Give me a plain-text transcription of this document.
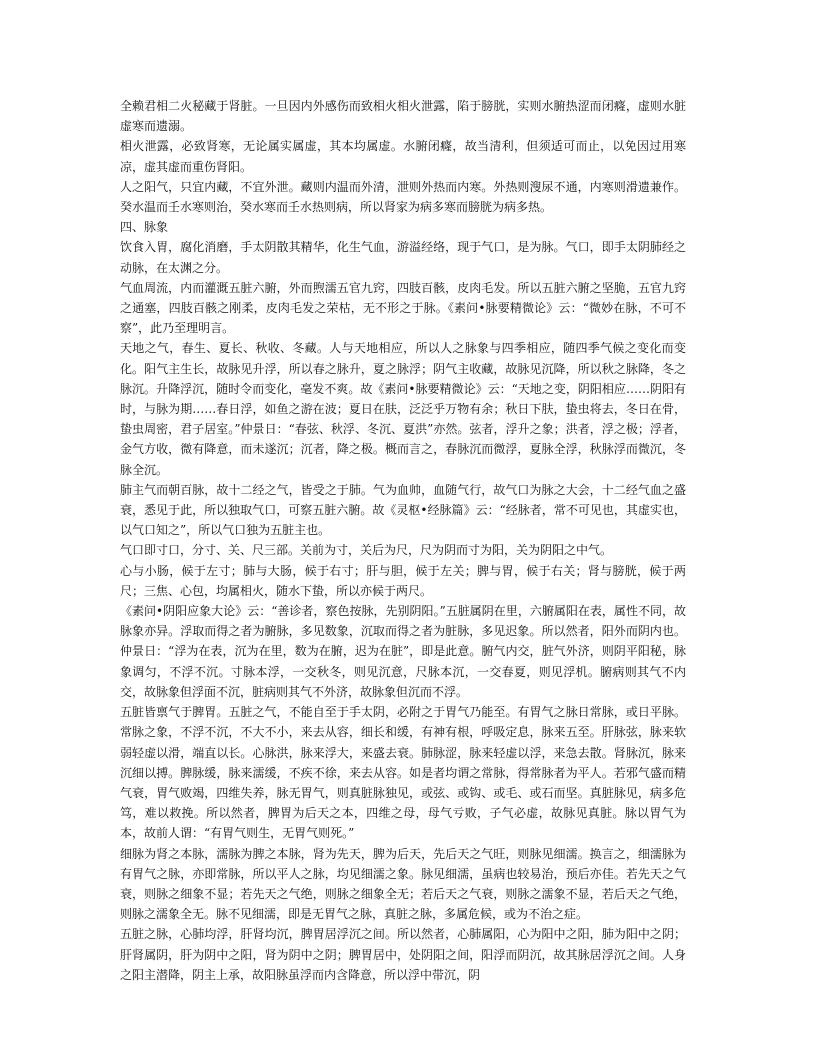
全赖君相二火秘藏于肾脏。一旦因内外感伤而致相火相火泄露，陷于膀胱，实则水腑热涩而闭癃，虚则水脏虚寒而遗溺。

相火泄露，必致肾寒，无论属实属虚，其本均属虚。水腑闭癃，故当清利，但须适可而止，以免因过用寒凉，虚其虚而重伤肾阳。

人之阳气，只宜内藏，不宜外泄。藏则内温而外清，泄则外热而内寒。外热则溲尿不通，内寒则滑遗兼作。癸水温而壬水寒则治，癸水寒而壬水热则病，所以肾家为病多寒而膀胱为病多热。

四、脉象

饮食入胃，腐化消磨，手太阴散其精华，化生气血，游溢经络，现于气口，是为脉。气口，即手太阴肺经之动脉，在太渊之分。

气血周流，内而灌溉五脏六腑，外而煦濡五官九窍，四肢百骸，皮肉毛发。所以五脏六腑之坚脆，五官九窍之通塞，四肢百骸之刚柔，皮肉毛发之荣枯，无不形之于脉。《素问•脉要精微论》云：“微妙在脉，不可不察”，此乃至理明言。

天地之气，春生、夏长、秋收、冬藏。人与天地相应，所以人之脉象与四季相应，随四季气候之变化而变化。阳气主生长，故脉见升浮，所以春之脉升，夏之脉浮；阴气主收藏，故脉见沉降，所以秋之脉降，冬之脉沉。升降浮沉，随时令而变化，毫发不爽。故《素问•脉要精微论》云：“天地之变，阴阳相应……阴阳有时，与脉为期……春日浮，如鱼之游在波；夏日在肤，泛泛乎万物有余；秋日下肤，蛰虫将去，冬日在骨，蛰虫周密，君子居室。”仲景日：“春弦、秋浮、冬沉、夏洪”亦然。弦者，浮升之象；洪者，浮之极；浮者，金气方收，微有降意，而未遂沉；沉者，降之极。概而言之，春脉沉而微浮，夏脉全浮，秋脉浮而微沉，冬脉全沉。

肺主气而朝百脉，故十二经之气，皆受之于肺。气为血帅，血随气行，故气口为脉之大会，十二经气血之盛衰，悉见于此，所以独取气口，可察五脏六腑。故《灵枢•经脉篇》云：“经脉者，常不可见也，其虚实也，以气口知之”，所以气口独为五脏主也。

气口即寸口，分寸、关、尺三部。关前为寸，关后为尺，尺为阴而寸为阳，关为阴阳之中气。

心与小肠，候于左寸；肺与大肠，候于右寸；肝与胆，候于左关；脾与胃，候于右关；肾与膀胱，候于两尺；三焦、心包，均属相火，随水下蛰，所以亦候于两尺。

《素问•阴阳应象大论》云：“善诊者，察色按脉，先别阴阳。”五脏属阴在里，六腑属阳在表，属性不同，故脉象亦异。浮取而得之者为腑脉，多见数象，沉取而得之者为脏脉，多见迟象。所以然者，阳外而阴内也。仲景日：“浮为在表，沉为在里，数为在腑，迟为在脏”，即是此意。腑气内交，脏气外济，则阴平阳秘，脉象调匀，不浮不沉。寸脉本浮，一交秋冬，则见沉意，尺脉本沉，一交春夏，则见浮机。腑病则其气不内交，故脉象但浮面不沉，脏病则其气不外济，故脉象但沉而不浮。

五脏皆禀气于脾胃。五脏之气，不能自至于手太阴，必附之于胃气乃能至。有胃气之脉日常脉，或日平脉。常脉之象，不浮不沉，不大不小，来去从容，细长和缓，有神有根，呼吸定息，脉来五至。肝脉弦，脉来软弱轻虚以滑，端直以长。心脉洪，脉来浮大，来盛去衰。肺脉涩，脉来轻虚以浮，来急去散。肾脉沉，脉来沉细以搏。脾脉缓，脉来濡缓，不疾不徐，来去从容。如是者均谓之常脉，得常脉者为平人。若邪气盛而精气衰，胃气败竭，四维失养，脉无胃气，则真脏脉独见，或弦、或钩、或毛、或石而坚。真脏脉见，病多危笃，难以救挽。所以然者，脾胃为后天之本，四维之母，母气亏败，子气必虚，故脉见真脏。脉以胃气为本，故前人谓：“有胃气则生，无胃气则死。”

细脉为肾之本脉，濡脉为脾之本脉，肾为先天，脾为后天，先后天之气旺，则脉见细濡。换言之，细濡脉为有胃气之脉，亦即常脉，所以平人之脉，均见细濡之象。脉见细濡，虽病也较易治，预后亦佳。若先天之气衰，则脉之细象不显；若先天之气绝，则脉之细象全无；若后天之气衰，则脉之濡象不显，若后天之气绝，则脉之濡象全无。脉不见细濡，即是无胃气之脉，真脏之脉，多属危候，或为不治之症。

五脏之脉，心肺均浮，肝肾均沉，脾胃居浮沉之间。所以然者，心肺属阳，心为阳中之阳，肺为阳中之阴；肝肾属阴，肝为阴中之阳，肾为阴中之阴；脾胃居中，处阴阳之间，阳浮而阴沉，故其脉居浮沉之间。人身之阳主潜降，阴主上承，故阳脉虽浮而内含降意，所以浮中带沉，阴
